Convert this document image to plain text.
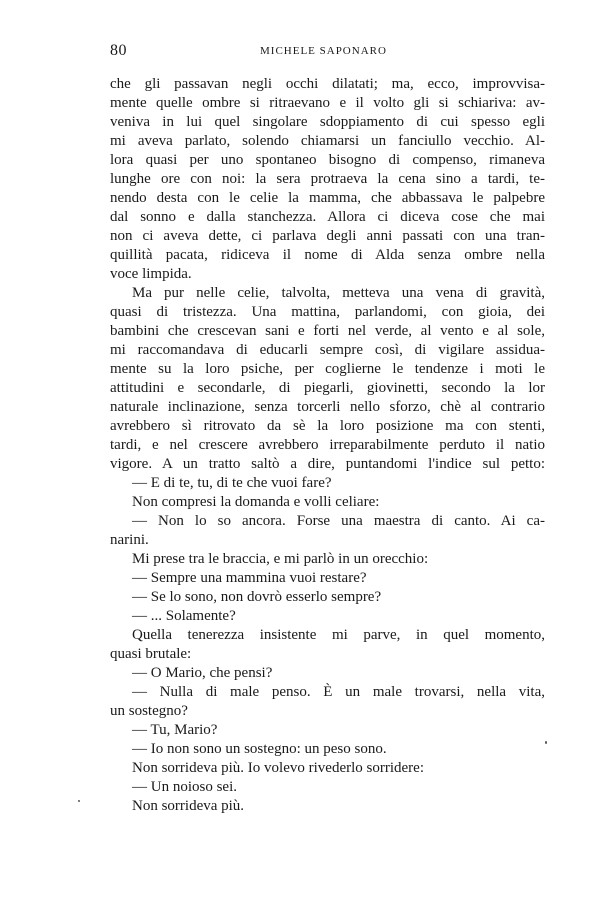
80	MICHELE SAPONARO
che gli passavan negli occhi dilatati; ma, ecco, improvvisa-
mente quelle ombre si ritraevano e il volto gli si schiariva: av-
veniva in lui quel singolare sdoppiamento di cui spesso egli
mi aveva parlato, solendo chiamarsi un fanciullo vecchio. Al-
lora quasi per uno spontaneo bisogno di compenso, rimaneva
lunghe ore con noi: la sera protraeva la cena sino a tardi, te-
nendo desta con le celie la mamma, che abbassava le palpebre
dal sonno e dalla stanchezza. Allora ci diceva cose che mai
non ci aveva dette, ci parlava degli anni passati con una tran-
quillità pacata, ridiceva il nome di Alda senza ombre nella
voce limpida.
Ma pur nelle celie, talvolta, metteva una vena di gravità,
quasi di tristezza. Una mattina, parlandomi, con gioia, dei
bambini che crescevan sani e forti nel verde, al vento e al sole,
mi raccomandava di educarli sempre così, di vigilare assidua-
mente su la loro psiche, per coglierne le tendenze i moti le
attitudini e secondarle, di piegarli, giovinetti, secondo la lor
naturale inclinazione, senza torcerli nello sforzo, chè al contrario
avrebbero sì ritrovato da sè la loro posizione ma con stenti,
tardi, e nel crescere avrebbero irreparabilmente perduto il natio
vigore. A un tratto saltò a dire, puntandomi l'indice sul petto:
— E di te, tu, di te che vuoi fare?
Non compresi la domanda e volli celiare:
— Non lo so ancora. Forse una maestra di canto. Ai ca-
narini.
Mi prese tra le braccia, e mi parlò in un orecchio:
— Sempre una mammina vuoi restare?
— Se lo sono, non dovrò esserlo sempre?
— ... Solamente?
Quella tenerezza insistente mi parve, in quel momento,
quasi brutale:
— O Mario, che pensi?
— Nulla di male penso. È un male trovarsi, nella vita,
un sostegno?
— Tu, Mario?
— Io non sono un sostegno: un peso sono.
Non sorrideva più. Io volevo rivederlo sorridere:
— Un noioso sei.
Non sorrideva più.
